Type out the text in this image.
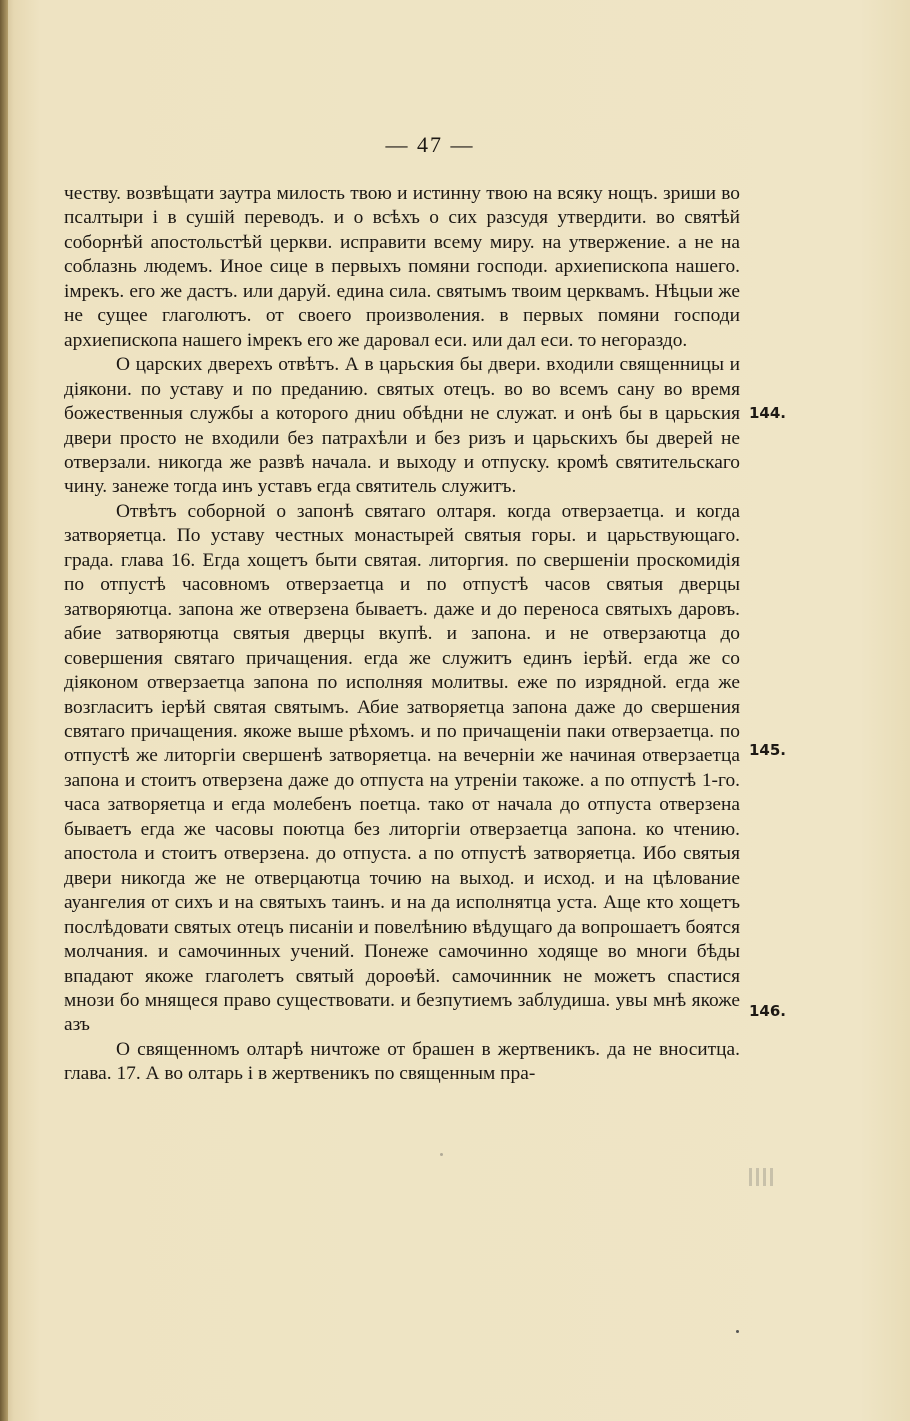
— 47 —

честву. возвѣщати заутра милость твою и истинну твою на всяку нощъ. зриши во псалтыри і в сушій переводъ. и о всѣхъ о сих разсудя утвердити. во святѣй соборнѣй апостольстѣй церкви. исправити всему миру. на утвержение. а не на соблазнь людемъ. Иное сице в первыхъ помяни господи. архиепископа нашего. імрекъ. его же дастъ. или даруй. едина сила. святымъ твоим церквамъ. Нѣцыи же не сущее глаголютъ. от своего произволения. в первых помяни господи архиепископа нашего імрекъ его же даровал еси. или дал еси. то негораздо.

О царских дверехъ отвѣтъ. А в царьския бы двери. входили священницы и діякони. по уставу и по преданию. святых отецъ. во во всемъ сану во время божественныя службы а которого дниu обѣдни не служат. и онѣ бы в царьския двери просто не входили без патрахѣли и без ризъ и царьскихъ бы дверей не отверзали. никогда же развѣ начала. и выходу и отпуску. кромѣ святительскаго чину. занеже тогда инъ уставъ егда святитель служитъ.

Отвѣтъ соборной о запонѣ святаго олтаря. когда отверзаетца. и когда затворяетца. По уставу честных монастырей святыя горы. и царьствующаго. града. глава 16. Егда хощетъ быти святая. литоргия. по свершеніи проскомидія по отпустѣ часовномъ отверзаетца и по отпустѣ часов святыя дверцы затворяютца. запона же отверзена бываетъ. даже и до переноса святыхъ даровъ. абие затворяютца святыя дверцы вкупѣ. и запона. и не отверзаютца до совершения святаго причащения. егда же служитъ единъ іерѣй. егда же со діяконом отверзаетца запона по исполняя молитвы. еже по изрядной. егда же возгласитъ іерѣй святая святымъ. Абие затворяетца запона даже до свершения святаго причащения. якоже выше рѣхомъ. и по причащеніи паки отверзаетца. по отпустѣ же литоргіи свершенѣ затворяетца. на вечерніи же начиная отверзаетца запона и стоитъ отверзена даже до отпуста на утреніи такоже. а по отпустѣ 1-го. часа затворяетца и егда молебенъ поетца. тако от начала до отпуста отверзена бываетъ егда же часовы поютца без литоргіи отверзаетца запона. ко чтению. апостола и стоитъ отверзена. до отпуста. а по отпустѣ затворяетца. Ибо святыя двери никогда же не отверцаютца точию на выход. и исход. и на цѣлование ауангелия от сихъ и на святыхъ таинъ. и на да исполнятца уста. Аще кто хощетъ послѣдовати святых отецъ писаніи и повелѣнию вѣдущаго да вопрошаетъ боятся молчания. и самочинных учений. Понеже самочинно ходяще во многи бѣды впадают якоже глаголетъ святый дороѳѣй. самочинник не можетъ спастися мнози бо мнящеся право существовати. и безпутиемъ заблудиша. увы мнѣ якоже азъ

О священномъ олтарѣ ничтоже от брашен в жертвеникъ. да не вноситца. глава. 17. А во олтарь і в жертвеникъ по священным пра-

144.
145.
146.
